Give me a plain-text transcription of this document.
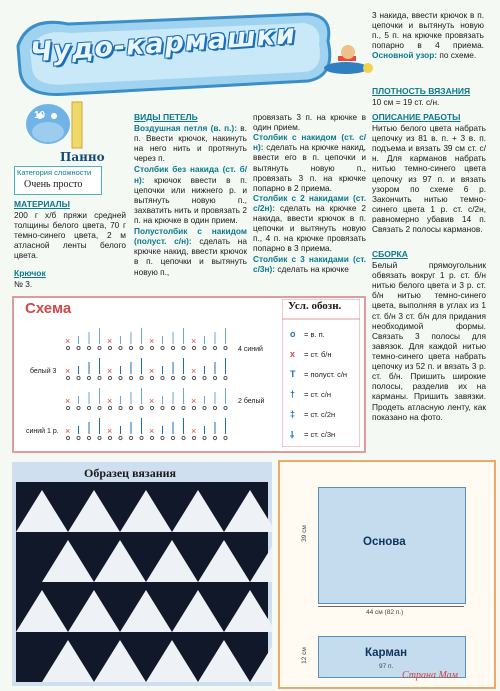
Чудо-кармашки
10
Панно
Категория сложности
Очень просто
МАТЕРИАЛЫ
200 г х/б пряжи средней толщины белого цвета, 70 г темно-синего цвета, 2 м атласной ленты белого цвета.
Крючок
№ 3.
ВИДЫ ПЕТЕЛЬ
Воздушная петля (в. п.): в. п. Ввести крючок, накинуть на него нить и протянуть через п.
Столбик без накида (ст. б/н): крючок ввести в п. цепочки или нижнего р. и вытянуть новую п., захватить нить и провязать 2 п. на крючке в один прием.
Полустолбик с накидом (полуст. с/н): сделать на крючке накид, ввести крючок в п. цепочки и вытянуть новую п.,
провязать 3 п. на крючке в один прием.
Столбик с накидом (ст. с/н): сделать на крючке накид, ввести его в п. цепочки и вытянуть новую п., провязать 3 п. на крючке попарно в 2 приема.
Столбик с 2 накидами (ст. с/2н): сделать на крючке 2 накида, ввести крючок в п. цепочки и вытянуть новую п., 4 п. на крючке провязать попарно в 3 приема.
Столбик с 3 накидами (ст. с/3н): сделать на крючке
3 накида, ввести крючок в п. цепочки и вытянуть новую п., 5 п. на крючке провязать попарно в 4 приема. Основной узор: по схеме.
ПЛОТНОСТЬ ВЯЗАНИЯ
10 см = 19 ст. с/н.
ОПИСАНИЕ РАБОТЫ
Нитью белого цвета набрать цепочку из 81 в. п. + 3 в. п. подъема и вязать 39 см ст. с/н. Для карманов набрать нитью темно-синего цвета цепочку из 97 п. и вязать узором по схеме 6 р. Закончить нитью темно-синего цвета 1 р. ст. с/2н, равномерно убавив 14 п. Связать 2 полосы карманов.
СБОРКА
Белый прямоугольник обвязать вокруг 1 р. ст. б/н нитью белого цвета и 3 р. ст. б/н нитью темно-синего цвета, выполняя в углах из 1 ст. б/н 3 ст. б/н для придания необходимой формы. Связать 3 полосы для завязок. Для каждой нитью темно-синего цвета набрать цепочку из 52 п. и вязать 3 р. ст. б/н. Пришить широкие полосы, разделив их на карманы. Пришить завязки. Продеть атласную ленту, как показано на фото.
Схема
×	×	×	×
×	×	×	×
×	×	×	×
×	×	×	×
4 синий
белый 3
2 белый
синий 1 р.
Усл. обозн.
o	= в. п.
x	= ст. б/н
T	= полуст. с/н
†	= ст. с/н
‡	= ст. с/2н
⸸	= ст. с/3н
Образец вязания
Основа
39 см
44 см (82 п.)
Карман
97 п.
12 см
Страна Мам
